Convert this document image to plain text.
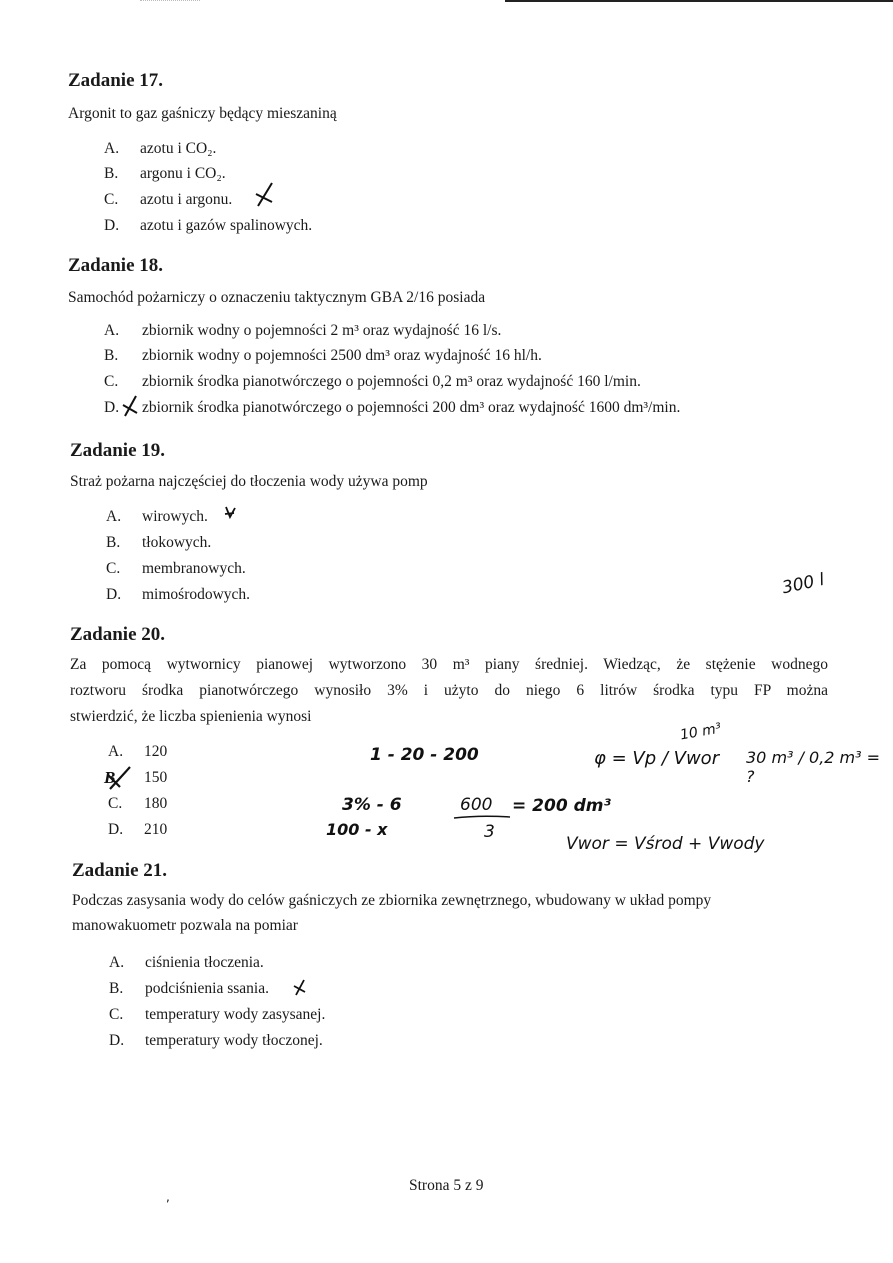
Zadanie 17.
Argonit to gaz gaśniczy będący mieszaniną
A. azotu i CO₂.
B. argonu i CO₂.
C. azotu i argonu.
D. azotu i gazów spalinowych.
Zadanie 18.
Samochód pożarniczy o oznaczeniu taktycznym GBA 2/16 posiada
A. zbiornik wodny o pojemności 2 m³ oraz wydajność 16 l/s.
B. zbiornik wodny o pojemności 2500 dm³ oraz wydajność 16 hl/h.
C. zbiornik środka pianotwórczego o pojemności 0,2 m³ oraz wydajność 160 l/min.
D. zbiornik środka pianotwórczego o pojemności 200 dm³ oraz wydajność 1600 dm³/min.
Zadanie 19.
Straż pożarna najczęściej do tłoczenia wody używa pomp
A. wirowych.
B. tłokowych.
C. membranowych.
D. mimośrodowych.	300 l
Zadanie 20.
Za pomocą wytwornicy pianowej wytworzono 30 m³ piany średniej. Wiedząc, że stężenie wodnego
roztworu środka pianotwórczego wynosiło 3% i użyto do niego 6 litrów środka typu FP można
stwierdzić, że liczba spienienia wynosi
A. 120
150
C. 180
D. 210
B
1 - 20 - 200
3% - 6
100 - x
600
3
= 200 dm³
φ = Vp / Vwor
10 m³
30 m³ / 0,2 m³ = ?
Vwor = Vśrod + Vwody
Zadanie 21.
Podczas zasysania wody do celów gaśniczych ze zbiornika zewnętrznego, wbudowany w układ pompy
manowakuometr pozwala na pomiar
A. ciśnienia tłoczenia.
B. podciśnienia ssania.
C. temperatury wody zasysanej.
D. temperatury wody tłoczonej.
Strona 5 z 9
,
